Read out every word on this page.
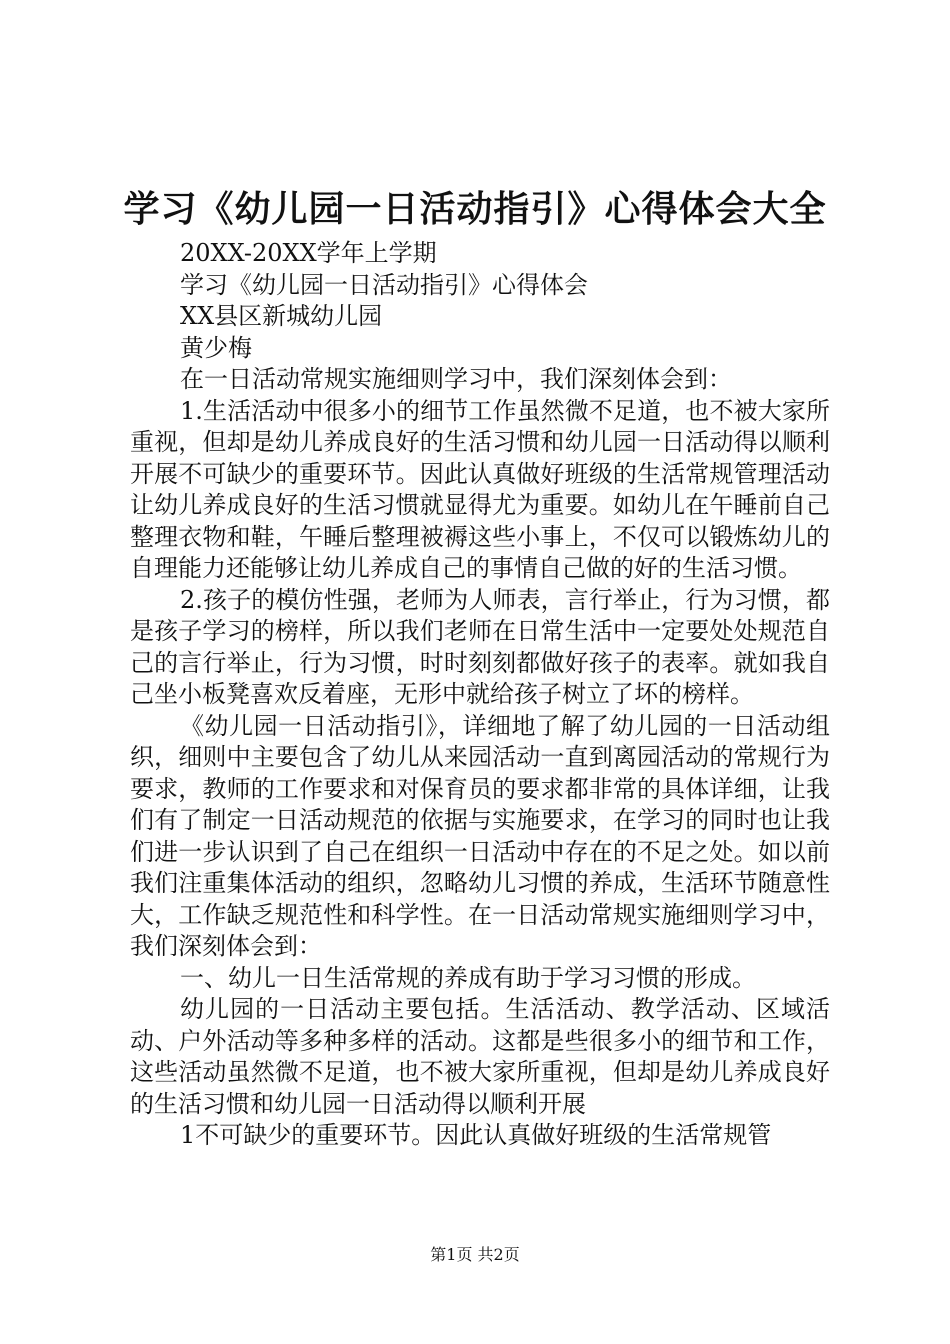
学习《幼儿园一日活动指引》心得体会大全
20XX-20XX学年上学期
学习《幼儿园一日活动指引》心得体会
XX县区新城幼儿园
黄少梅

在一日活动常规实施细则学习中，我们深刻体会到：

1.生活活动中很多小的细节工作虽然微不足道，也不被大家所重视，但却是幼儿养成良好的生活习惯和幼儿园一日活动得以顺利开展不可缺少的重要环节。因此认真做好班级的生活常规管理活动让幼儿养成良好的生活习惯就显得尤为重要。如幼儿在午睡前自己整理衣物和鞋，午睡后整理被褥这些小事上，不仅可以锻炼幼儿的自理能力还能够让幼儿养成自己的事情自己做的好的生活习惯。

2.孩子的模仿性强，老师为人师表，言行举止，行为习惯，都是孩子学习的榜样，所以我们老师在日常生活中一定要处处规范自己的言行举止，行为习惯，时时刻刻都做好孩子的表率。就如我自己坐小板凳喜欢反着座，无形中就给孩子树立了坏的榜样。

《幼儿园一日活动指引》，详细地了解了幼儿园的一日活动组织，细则中主要包含了幼儿从来园活动一直到离园活动的常规行为要求，教师的工作要求和对保育员的要求都非常的具体详细，让我们有了制定一日活动规范的依据与实施要求，在学习的同时也让我们进一步认识到了自己在组织一日活动中存在的不足之处。如以前我们注重集体活动的组织，忽略幼儿习惯的养成，生活环节随意性大，工作缺乏规范性和科学性。在一日活动常规实施细则学习中，我们深刻体会到：

一、幼儿一日生活常规的养成有助于学习习惯的形成。

幼儿园的一日活动主要包括。生活活动、教学活动、区域活动、户外活动等多种多样的活动。这都是些很多小的细节和工作，这些活动虽然微不足道，也不被大家所重视，但却是幼儿养成良好的生活习惯和幼儿园一日活动得以顺利开展

1不可缺少的重要环节。因此认真做好班级的生活常规管

第1页 共2页
